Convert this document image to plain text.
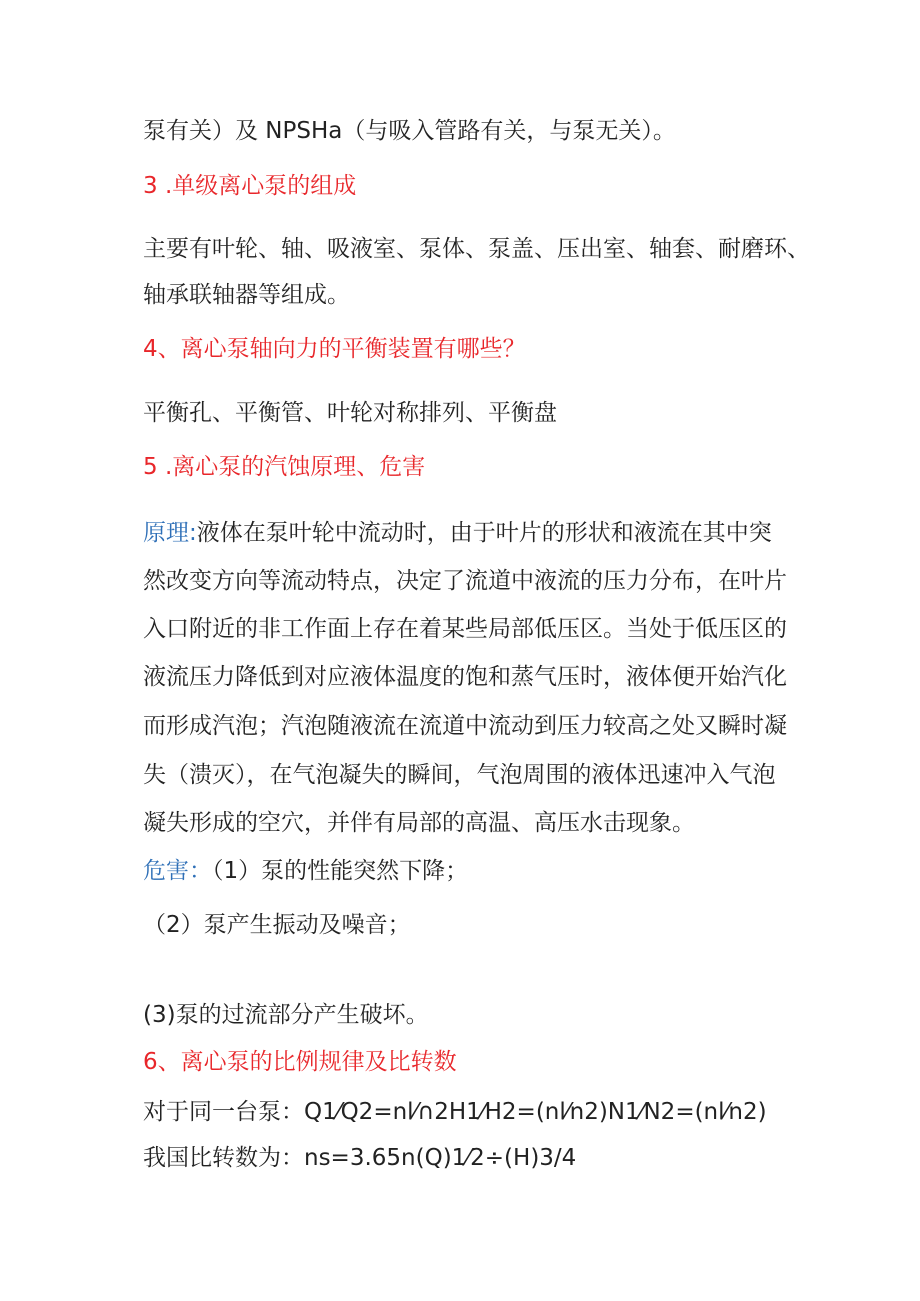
泵有关）及 NPSHa（与吸入管路有关，与泵无关）。
3 .单级离心泵的组成
主要有叶轮、轴、吸液室、泵体、泵盖、压出室、轴套、耐磨环、
轴承联轴器等组成。
4、离心泵轴向力的平衡装置有哪些？
平衡孔、平衡管、叶轮对称排列、平衡盘
5 .离心泵的汽蚀原理、危害
原理:液体在泵叶轮中流动时，由于叶片的形状和液流在其中突
然改变方向等流动特点，决定了流道中液流的压力分布，在叶片
入口附近的非工作面上存在着某些局部低压区。当处于低压区的
液流压力降低到对应液体温度的饱和蒸气压时，液体便开始汽化
而形成汽泡；汽泡随液流在流道中流动到压力较高之处又瞬时凝
失（溃灭），在气泡凝失的瞬间，气泡周围的液体迅速冲入气泡
凝失形成的空穴，并伴有局部的高温、高压水击现象。
危害：（1）泵的性能突然下降；
（2）泵产生振动及噪音；
(3)泵的过流部分产生破坏。
6、离心泵的比例规律及比转数
对于同一台泵：Q1⁄Q2=nl⁄∩2H1⁄H2=(nl⁄n2)N1⁄N2=(nl⁄n2)
我国比转数为：ns=3.65n(Q)1⁄2÷(H)3/4
